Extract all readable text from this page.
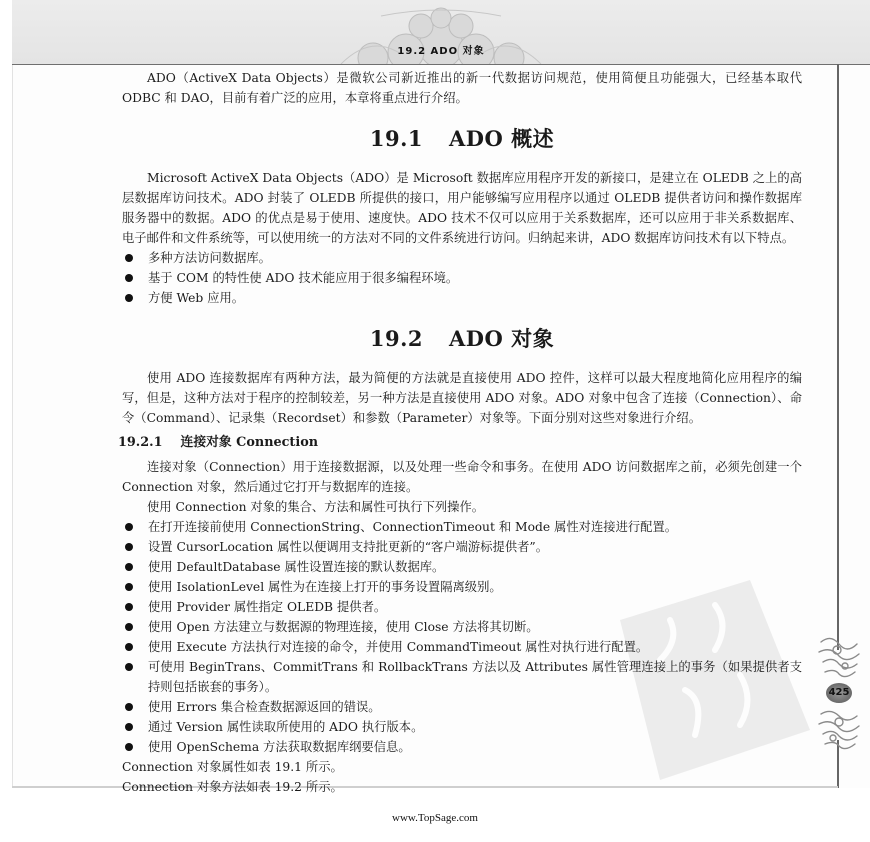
19.2 ADO 对象

ADO（ActiveX Data Objects）是微软公司新近推出的新一代数据访问规范，使用简便且功能强大，已经基本取代 ODBC 和 DAO，目前有着广泛的应用，本章将重点进行介绍。

19.1 ADO 概述

Microsoft ActiveX Data Objects（ADO）是 Microsoft 数据库应用程序开发的新接口，是建立在 OLEDB 之上的高层数据库访问技术。ADO 封装了 OLEDB 所提供的接口，用户能够编写应用程序以通过 OLEDB 提供者访问和操作数据库服务器中的数据。ADO 的优点是易于使用、速度快。ADO 技术不仅可以应用于关系数据库，还可以应用于非关系数据库、电子邮件和文件系统等，可以使用统一的方法对不同的文件系统进行访问。归纳起来讲，ADO 数据库访问技术有以下特点。

多种方法访问数据库。
基于 COM 的特性使 ADO 技术能应用于很多编程环境。
方便 Web 应用。
19.2 ADO 对象

使用 ADO 连接数据库有两种方法，最为简便的方法就是直接使用 ADO 控件，这样可以最大程度地简化应用程序的编写，但是，这种方法对于程序的控制较差，另一种方法是直接使用 ADO 对象。ADO 对象中包含了连接（Connection）、命令（Command）、记录集（Recordset）和参数（Parameter）对象等。下面分别对这些对象进行介绍。

19.2.1 连接对象 Connection

连接对象（Connection）用于连接数据源，以及处理一些命令和事务。在使用 ADO 访问数据库之前，必须先创建一个 Connection 对象，然后通过它打开与数据库的连接。

使用 Connection 对象的集合、方法和属性可执行下列操作。

在打开连接前使用 ConnectionString、ConnectionTimeout 和 Mode 属性对连接进行配置。
设置 CursorLocation 属性以便调用支持批更新的“客户端游标提供者”。
使用 DefaultDatabase 属性设置连接的默认数据库。
使用 IsolationLevel 属性为在连接上打开的事务设置隔离级别。
使用 Provider 属性指定 OLEDB 提供者。
使用 Open 方法建立与数据源的物理连接，使用 Close 方法将其切断。
使用 Execute 方法执行对连接的命令，并使用 CommandTimeout 属性对执行进行配置。
可使用 BeginTrans、CommitTrans 和 RollbackTrans 方法以及 Attributes 属性管理连接上的事务（如果提供者支持则包括嵌套的事务）。
使用 Errors 集合检查数据源返回的错误。
通过 Version 属性读取所使用的 ADO 执行版本。
使用 OpenSchema 方法获取数据库纲要信息。

Connection 对象属性如表 19.1 所示。

Connection 对象方法如表 19.2 所示。

425
www.TopSage.com
